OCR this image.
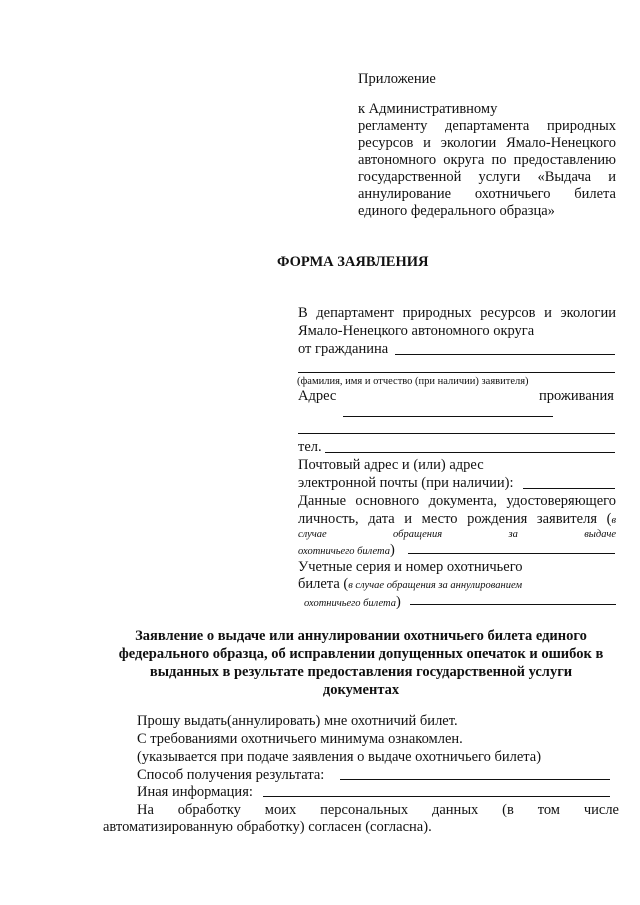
Приложение
к Административному
регламенту департамента природных
ресурсов и экологии Ямало-Ненецкого
автономного округа по предоставлению
государственной услуги «Выдача и
аннулирование охотничьего билета
единого федерального образца»
ФОРМА ЗАЯВЛЕНИЯ
В департамент природных ресурсов и экологии
Ямало-Ненецкого автономного округа
от гражданина
(фамилия, имя и отчество (при наличии) заявителя)
Адрес	проживания
тел.
Почтовый адрес и (или) адрес
электронной почты (при наличии):
Данные основного документа, удостоверяющего
личность, дата и место рождения заявителя (в
случае обращения за выдаче
охотничьего билета)
Учетные серия и номер охотничьего
билета (в случае обращения за аннулированием
охотничьего билета)
Заявление о выдаче или аннулировании охотничьего билета единого
федерального образца, об исправлении допущенных опечаток и ошибок в
выданных в результате предоставления государственной услуги
документах
Прошу выдать(аннулировать) мне охотничий билет.
С требованиями охотничьего минимума ознакомлен.
(указывается при подаче заявления о выдаче охотничьего билета)
Способ получения результата:
Иная информация:
На обработку моих персональных данных (в том числе
автоматизированную обработку) согласен (согласна).
